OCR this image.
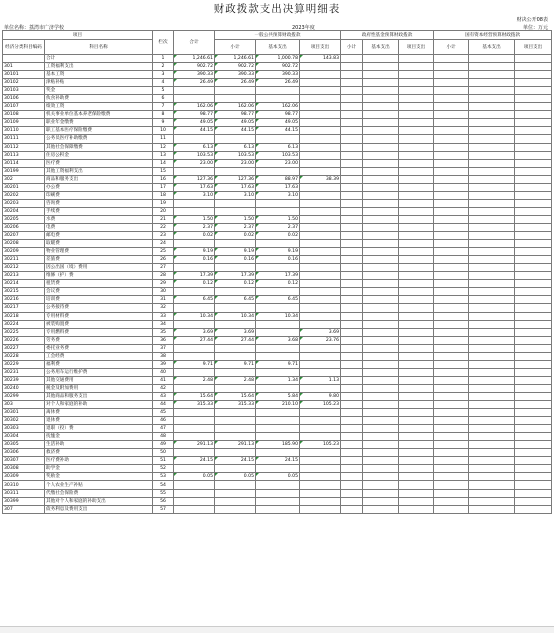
财政拨款支出决算明细表
财决公开08表
单位名称：荔湾市广济学校	2023年度	单位：万元
项目		栏次	合计	一般公共预算财政拨款			政府性基金预算财政拨款			国有资本经营预算财政拨款		
经济分类科目编码	科目名称			小计	基本支出	项目支出	小计	基本支出	项目支出	小计	基本支出	项目支出

	合计	1	1,246.61	1,246.61	1,000.78	143.83						
301	工资福利支出	2	902.72	902.72	902.72							
30101	基本工资	3	390.33	390.33	390.33							
30102	津贴补贴	4	26.49	26.49	26.49							
30103	奖金	5										
30106	伙食补助费	6										
30107	绩效工资	7	162.06	162.06	162.06							
30108	机关事业单位基本养老保险缴费	8	98.77	98.77	98.77							
30109	职业年金缴费	9	49.05	49.05	49.05							
30110	职工基本医疗保险缴费	10	44.15	44.15	44.15							
30111	公务员医疗补助缴费	11										
30112	其他社会保障缴费	12	6.13	6.13	6.13							
30113	住房公积金	13	103.53	103.53	103.53							
30114	医疗费	14	23.00	23.00	23.00							
30199	其他工资福利支出	15										
302	商品和服务支出	16	127.36	127.36	88.97	38.39						
30201	办公费	17	17.63	17.63	17.63							
30202	印刷费	18	3.10	3.10	3.10							
30203	咨询费	19										
30204	手续费	20										
30205	水费	21	1.50	1.50	1.50							
30206	电费	22	2.37	2.37	2.37							
30207	邮电费	23	0.02	0.02	0.02							
30208	取暖费	24										
30209	物业管理费	25	9.19	9.19	9.19							
30211	差旅费	26	0.16	0.16	0.16							
30212	因公出国（境）费用	27										
30213	维修（护）费	28	17.39	17.39	17.39							
30214	租赁费	29	0.12	0.12	0.12							
30215	会议费	30										
30216	培训费	31	6.45	6.45	6.45							
30217	公务接待费	32										
30218	专用材料费	33	10.34	10.34	10.34							
30224	被装购置费	34										
30225	专用燃料费	35	3.69	3.69		3.69						
30226	劳务费	36	27.44	27.44	3.68	23.76						
30227	委托业务费	37										
30228	工会经费	38										
30229	福利费	39	9.71	9.71	9.71							
30231	公务用车运行维护费	40										
30239	其他交通费用	41	2.48	2.48	1.34	1.13						
30240	税金及附加费用	42										
30299	其他商品和服务支出	43	15.64	15.64	5.84	9.80						
303	对个人和家庭的补助	44	315.33	315.33	210.10	105.23						
30301	离休费	45										
30302	退休费	46										
30303	退职（役）费	47										
30304	抚恤金	48										
30305	生活补助	49	291.13	291.13	185.90	105.23						
30306	救济费	50										
30307	医疗费补助	51	24.15	24.15	24.15							
30308	助学金	52										
30309	奖励金	53	0.05	0.05	0.05							
30310	个人农业生产补贴	54										
30311	代缴社会保险费	55										
30399	其他对个人和家庭的补助支出	56										
307	债务利息及费用支出	57										
